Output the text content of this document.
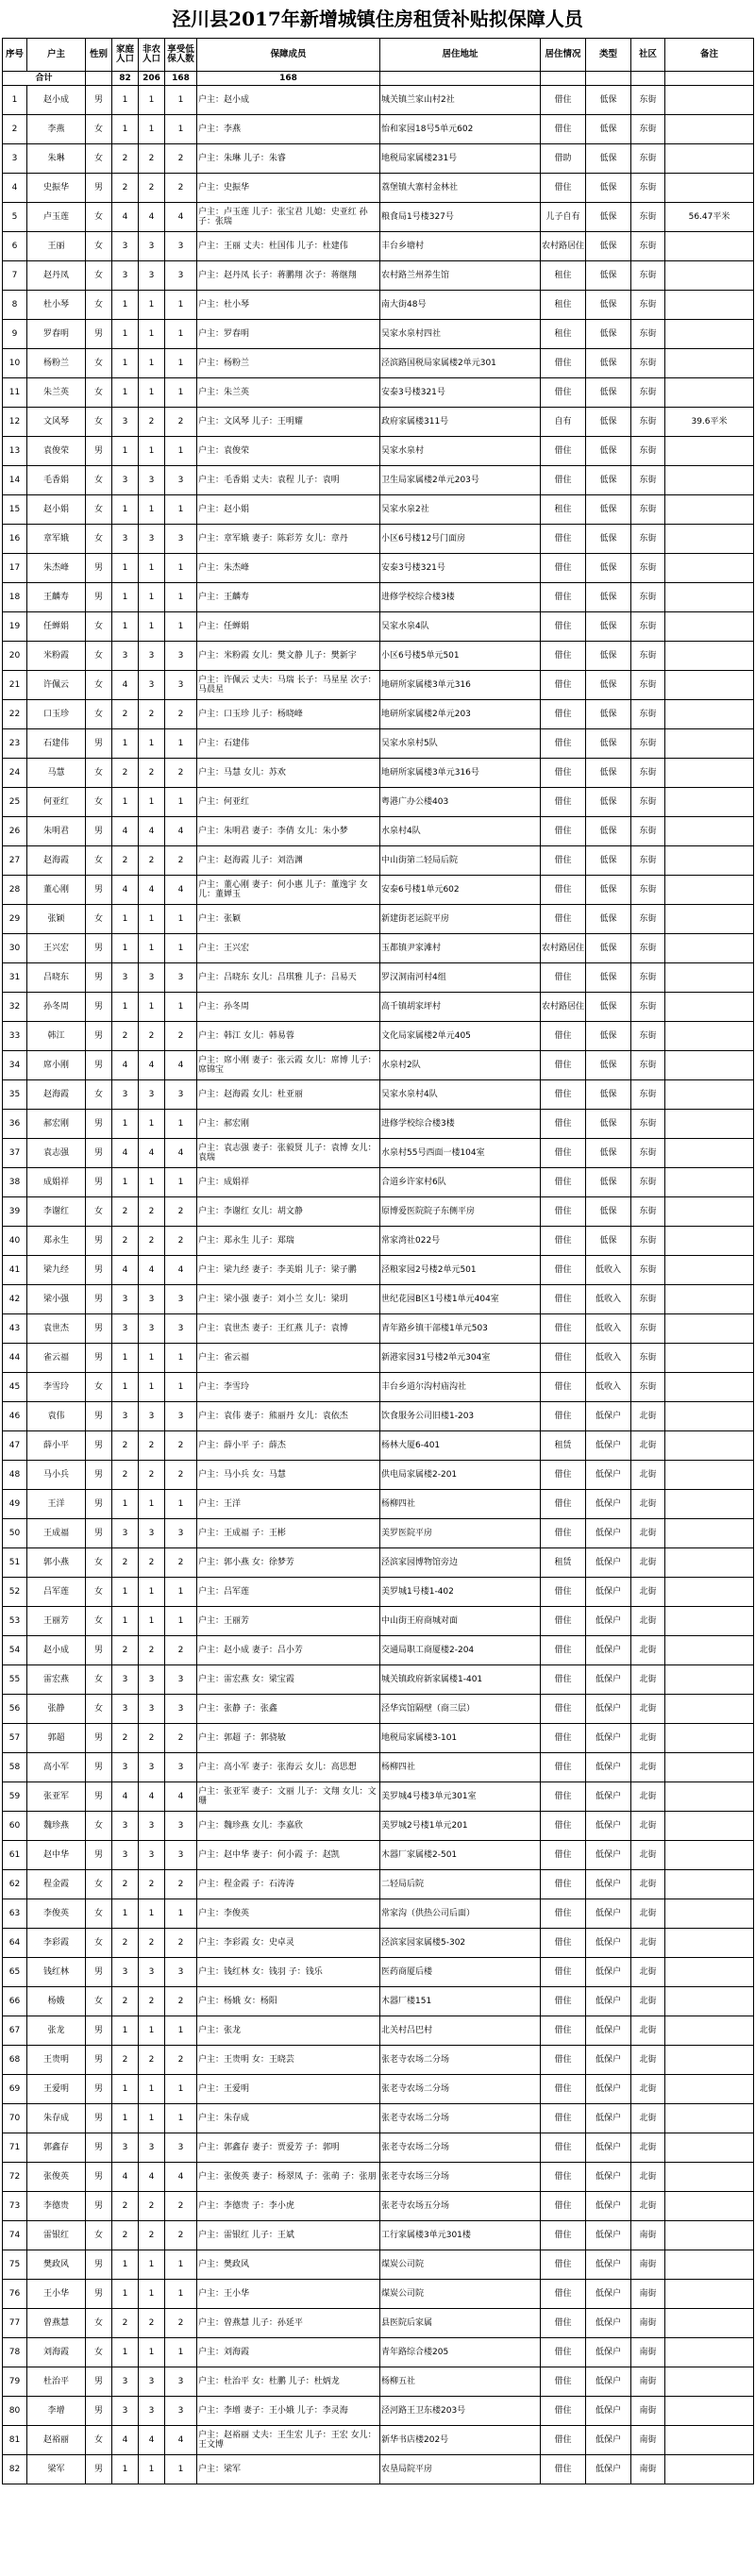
泾川县2017年新增城镇住房租赁补贴拟保障人员
序号	户主	性别	家庭人口	非农人口	享受低保人数	保障成员	居住地址	居住情况	类型	社区	备注
合计			82	206	168	168					
1	赵小成	男	1	1	1	户主：赵小成	城关镇兰家山村2社	借住	低保	东街	
2	李燕	女	1	1	1	户主：李燕	怡和家园18号5单元602	借住	低保	东街	
3	朱琳	女	2	2	2	户主：朱琳 儿子：朱睿	地税局家属楼231号	借助	低保	东街	
4	史振华	男	2	2	2	户主：史振华	荔堡镇大寨村金林社	借住	低保	东街	
5	卢玉莲	女	4	4	4	户主：卢玉莲 儿子：张宝君 儿媳：史亚红 孙子：张瑞	粮食局1号楼327号	儿子自有	低保	东街	56.47平米
6	王丽	女	3	3	3	户主：王丽 丈夫：杜国伟 儿子：杜建伟	丰台乡塘村	农村路居住	低保	东街	
7	赵丹凤	女	3	3	3	户主：赵丹凤 长子：蒋鹏翔 次子：蒋继翔	农村路兰州养生馆	租住	低保	东街	
8	杜小琴	女	1	1	1	户主：杜小琴	南大街48号	租住	低保	东街	
9	罗春明	男	1	1	1	户主：罗春明	吴家水泉村四社	租住	低保	东街	
10	杨粉兰	女	1	1	1	户主：杨粉兰	泾滨路国税局家属楼2单元301	借住	低保	东街	
11	朱兰英	女	1	1	1	户主：朱兰英	安泰3号楼321号	借住	低保	东街	
12	文风琴	女	3	2	2	户主：文风琴 儿子：王明耀	政府家属楼311号	自有	低保	东街	39.6平米
13	袁俊荣	男	1	1	1	户主：袁俊荣	吴家水泉村	借住	低保	东街	
14	毛香娟	女	3	3	3	户主：毛香娟 丈夫：袁程 儿子：袁明	卫生局家属楼2单元203号	借住	低保	东街	
15	赵小娟	女	1	1	1	户主：赵小娟	吴家水泉2社	租住	低保	东街	
16	章军娥	女	3	3	3	户主：章军娥 妻子：陈彩芳 女儿：章丹	小区6号楼12号门面房	借住	低保	东街	
17	朱杰峰	男	1	1	1	户主：朱杰峰	安泰3号楼321号	借住	低保	东街	
18	王麟寿	男	1	1	1	户主：王麟寿	进修学校综合楼3楼	借住	低保	东街	
19	任蝉娟	女	1	1	1	户主：任蝉娟	吴家水泉4队	借住	低保	东街	
20	米粉霞	女	3	3	3	户主：米粉霞 女儿：樊文静 儿子：樊新宇	小区6号楼5单元501	借住	低保	东街	
21	许佩云	女	4	3	3	户主：许佩云 丈夫：马瑞 长子：马星星 次子：马晨星	地研所家属楼3单元316	借住	低保	东街	
22	口玉珍	女	2	2	2	户主：口玉珍 儿子：杨晓峰	地研所家属楼2单元203	借住	低保	东街	
23	石建伟	男	1	1	1	户主：石建伟	吴家水泉村5队	借住	低保	东街	
24	马慧	女	2	2	2	户主：马慧 女儿：苏欢	地研所家属楼3单元316号	借住	低保	东街	
25	何亚红	女	1	1	1	户主：何亚红	粤港广办公楼403	借住	低保	东街	
26	朱明君	男	4	4	4	户主：朱明君 妻子：李倩 女儿：朱小梦	水泉村4队	借住	低保	东街	
27	赵海霞	女	2	2	2	户主：赵海霞 儿子：刘浩渊	中山街第二轻局后院	借住	低保	东街	
28	董心刚	男	4	4	4	户主：董心刚 妻子：何小惠 儿子：董逸宇 女儿：董婵玉	安泰6号楼1单元602	借住	低保	东街	
29	张颖	女	1	1	1	户主：张颖	新建街老运院平房	借住	低保	东街	
30	王兴宏	男	1	1	1	户主：王兴宏	玉都镇尹家滩村	农村路居住	低保	东街	
31	吕晓东	男	3	3	3	户主：吕晓东 女儿：吕琪雅 儿子：吕易天	罗汉洞南河村4组	借住	低保	东街	
32	孙冬周	男	1	1	1	户主：孙冬周	高千镇胡家坪村	农村路居住	低保	东街	
33	韩江	男	2	2	2	户主：韩江 女儿：韩易蓉	文化局家属楼2单元405	借住	低保	东街	
34	席小刚	男	4	4	4	户主：席小刚 妻子：张云霞 女儿：席博 儿子：席锦宝	水泉村2队	借住	低保	东街	
35	赵海霞	女	3	3	3	户主：赵海霞 女儿：杜亚丽	吴家水泉村4队	借住	低保	东街	
36	郝宏刚	男	1	1	1	户主：郝宏刚	进修学校综合楼3楼	借住	低保	东街	
37	袁志强	男	4	4	4	户主：袁志强 妻子：张毅贤 儿子：袁博 女儿：袁瑞	水泉村55号西面一楼104室	借住	低保	东街	
38	成娟祥	男	1	1	1	户主：成娟祥	合道乡许家村6队	借住	低保	东街	
39	李谢红	女	2	2	2	户主：李谢红 女儿：胡文静	原博爱医院院子东侧平房	借住	低保	东街	
40	郑永生	男	2	2	2	户主：郑永生 儿子：郑瑞	常家湾社022号	借住	低保	东街	
41	梁九经	男	4	4	4	户主：梁九经 妻子：李美娟 儿子：梁子鹏	泾粮家园2号楼2单元501	借住	低收入	东街	
42	梁小强	男	3	3	3	户主：梁小强 妻子：刘小兰 女儿：梁玥	世纪花园B区1号楼1单元404室	借住	低收入	东街	
43	袁世杰	男	3	3	3	户主：袁世杰 妻子：王红燕 儿子：袁博	青年路乡镇干部楼1单元503	借住	低收入	东街	
44	雀云福	男	1	1	1	户主：雀云福	新港家园31号楼2单元304室	借住	低收入	东街	
45	李雪玲	女	1	1	1	户主：李雪玲	丰台乡道尔沟村庙沟社	借住	低收入	东街	
46	袁伟	男	3	3	3	户主：袁伟 妻子：熊丽丹 女儿：袁依杰	饮食服务公司旧楼1-203	借住	低保户	北街	
47	薛小平	男	2	2	2	户主：薛小平 子：薛杰	杨林大厦6-401	租赁	低保户	北街	
48	马小兵	男	2	2	2	户主：马小兵 女：马慧	供电局家属楼2-201	借住	低保户	北街	
49	王洋	男	1	1	1	户主：王洋	杨柳四社	借住	低保户	北街	
50	王成福	男	3	3	3	户主：王成福 子：王彬	美罗医院平房	借住	低保户	北街	
51	郭小燕	女	2	2	2	户主：郭小燕 女：徐梦芳	泾滨家园博物馆旁边	租赁	低保户	北街	
52	吕军莲	女	1	1	1	户主：吕军莲	美罗城1号楼1-402	借住	低保户	北街	
53	王丽芳	女	1	1	1	户主：王丽芳	中山街王府商城对面	借住	低保户	北街	
54	赵小成	男	2	2	2	户主：赵小成 妻子：吕小芳	交通局职工商厦楼2-204	借住	低保户	北街	
55	雷宏燕	女	3	3	3	户主：雷宏燕 女：梁宝霞	城关镇政府新家属楼1-401	借住	低保户	北街	
56	张静	女	3	3	3	户主：张静 子：张鑫	泾华宾馆隔壁（商三层）	借住	低保户	北街	
57	郭超	男	2	2	2	户主：郭超 子：郭骁敏	地税局家属楼3-101	借住	低保户	北街	
58	高小军	男	3	3	3	户主：高小军 妻子：张海云 女儿：高思想	杨柳四社	借住	低保户	北街	
59	张亚军	男	4	4	4	户主：张亚军 妻子：文丽 儿子：文翔 女儿：文珊	美罗城4号楼3单元301室	借住	低保户	北街	
60	魏珍燕	女	3	3	3	户主：魏珍燕 女儿：李嘉欣	美罗城2号楼1单元201	借住	低保户	北街	
61	赵中华	男	3	3	3	户主：赵中华 妻子：何小霞 子：赵凯	木器厂家属楼2-501	借住	低保户	北街	
62	程金霞	女	2	2	2	户主：程金霞 子：石涛涛	二轻局后院	借住	低保户	北街	
63	李俊英	女	1	1	1	户主：李俊英	常家沟（供热公司后面）	借住	低保户	北街	
64	李彩霞	女	2	2	2	户主：李彩霞 女：史卓灵	泾滨家园家属楼5-302	借住	低保户	北街	
65	钱红林	男	3	3	3	户主：钱红林 女：钱羽 子：钱乐	医药商厦后楼	借住	低保户	北街	
66	杨娥	女	2	2	2	户主：杨娥 女：杨阳	木器厂楼151	借住	低保户	北街	
67	张龙	男	1	1	1	户主：张龙	北关村吕巴村	借住	低保户	北街	
68	王贵明	男	2	2	2	户主：王贵明 女：王晓芸	张老寺农场二分场	借住	低保户	北街	
69	王爱明	男	1	1	1	户主：王爱明	张老寺农场二分场	借住	低保户	北街	
70	朱存成	男	1	1	1	户主：朱存成	张老寺农场二分场	借住	低保户	北街	
71	郭鑫存	男	3	3	3	户主：郭鑫存 妻子：贾爱芳 子：郭明	张老寺农场二分场	借住	低保户	北街	
72	张俊英	男	4	4	4	户主：张俊英 妻子：杨翠凤 子：张萌 子：张朋	张老寺农场三分场	借住	低保户	北街	
73	李德贵	男	2	2	2	户主：李德贵 子：李小虎	张老寺农场五分场	借住	低保户	北街	
74	雷银红	女	2	2	2	户主：雷银红 儿子：王斌	工行家属楼3单元301楼	借住	低保户	南街	
75	樊政风	男	1	1	1	户主：樊政风	煤炭公司院	借住	低保户	南街	
76	王小华	男	1	1	1	户主：王小华	煤炭公司院	借住	低保户	南街	
77	曾燕慧	女	2	2	2	户主：曾燕慧 儿子：孙延平	县医院后家属	借住	低保户	南街	
78	刘海霞	女	1	1	1	户主：刘海霞	青年路综合楼205	借住	低保户	南街	
79	杜治平	男	3	3	3	户主：杜治平 女：杜鹏 儿子：杜炳龙	杨柳五社	借住	低保户	南街	
80	李增	男	3	3	3	户主：李增 妻子：王小娥 儿子：李灵海	泾河路王卫东楼203号	借住	低保户	南街	
81	赵裕丽	女	4	4	4	户主：赵裕丽 丈夫：王生宏 儿子：王宏 女儿：王文博	新华书店楼202号	借住	低保户	南街	
82	梁军	男	1	1	1	户主：梁军	农垦局院平房	借住	低保户	南街	
